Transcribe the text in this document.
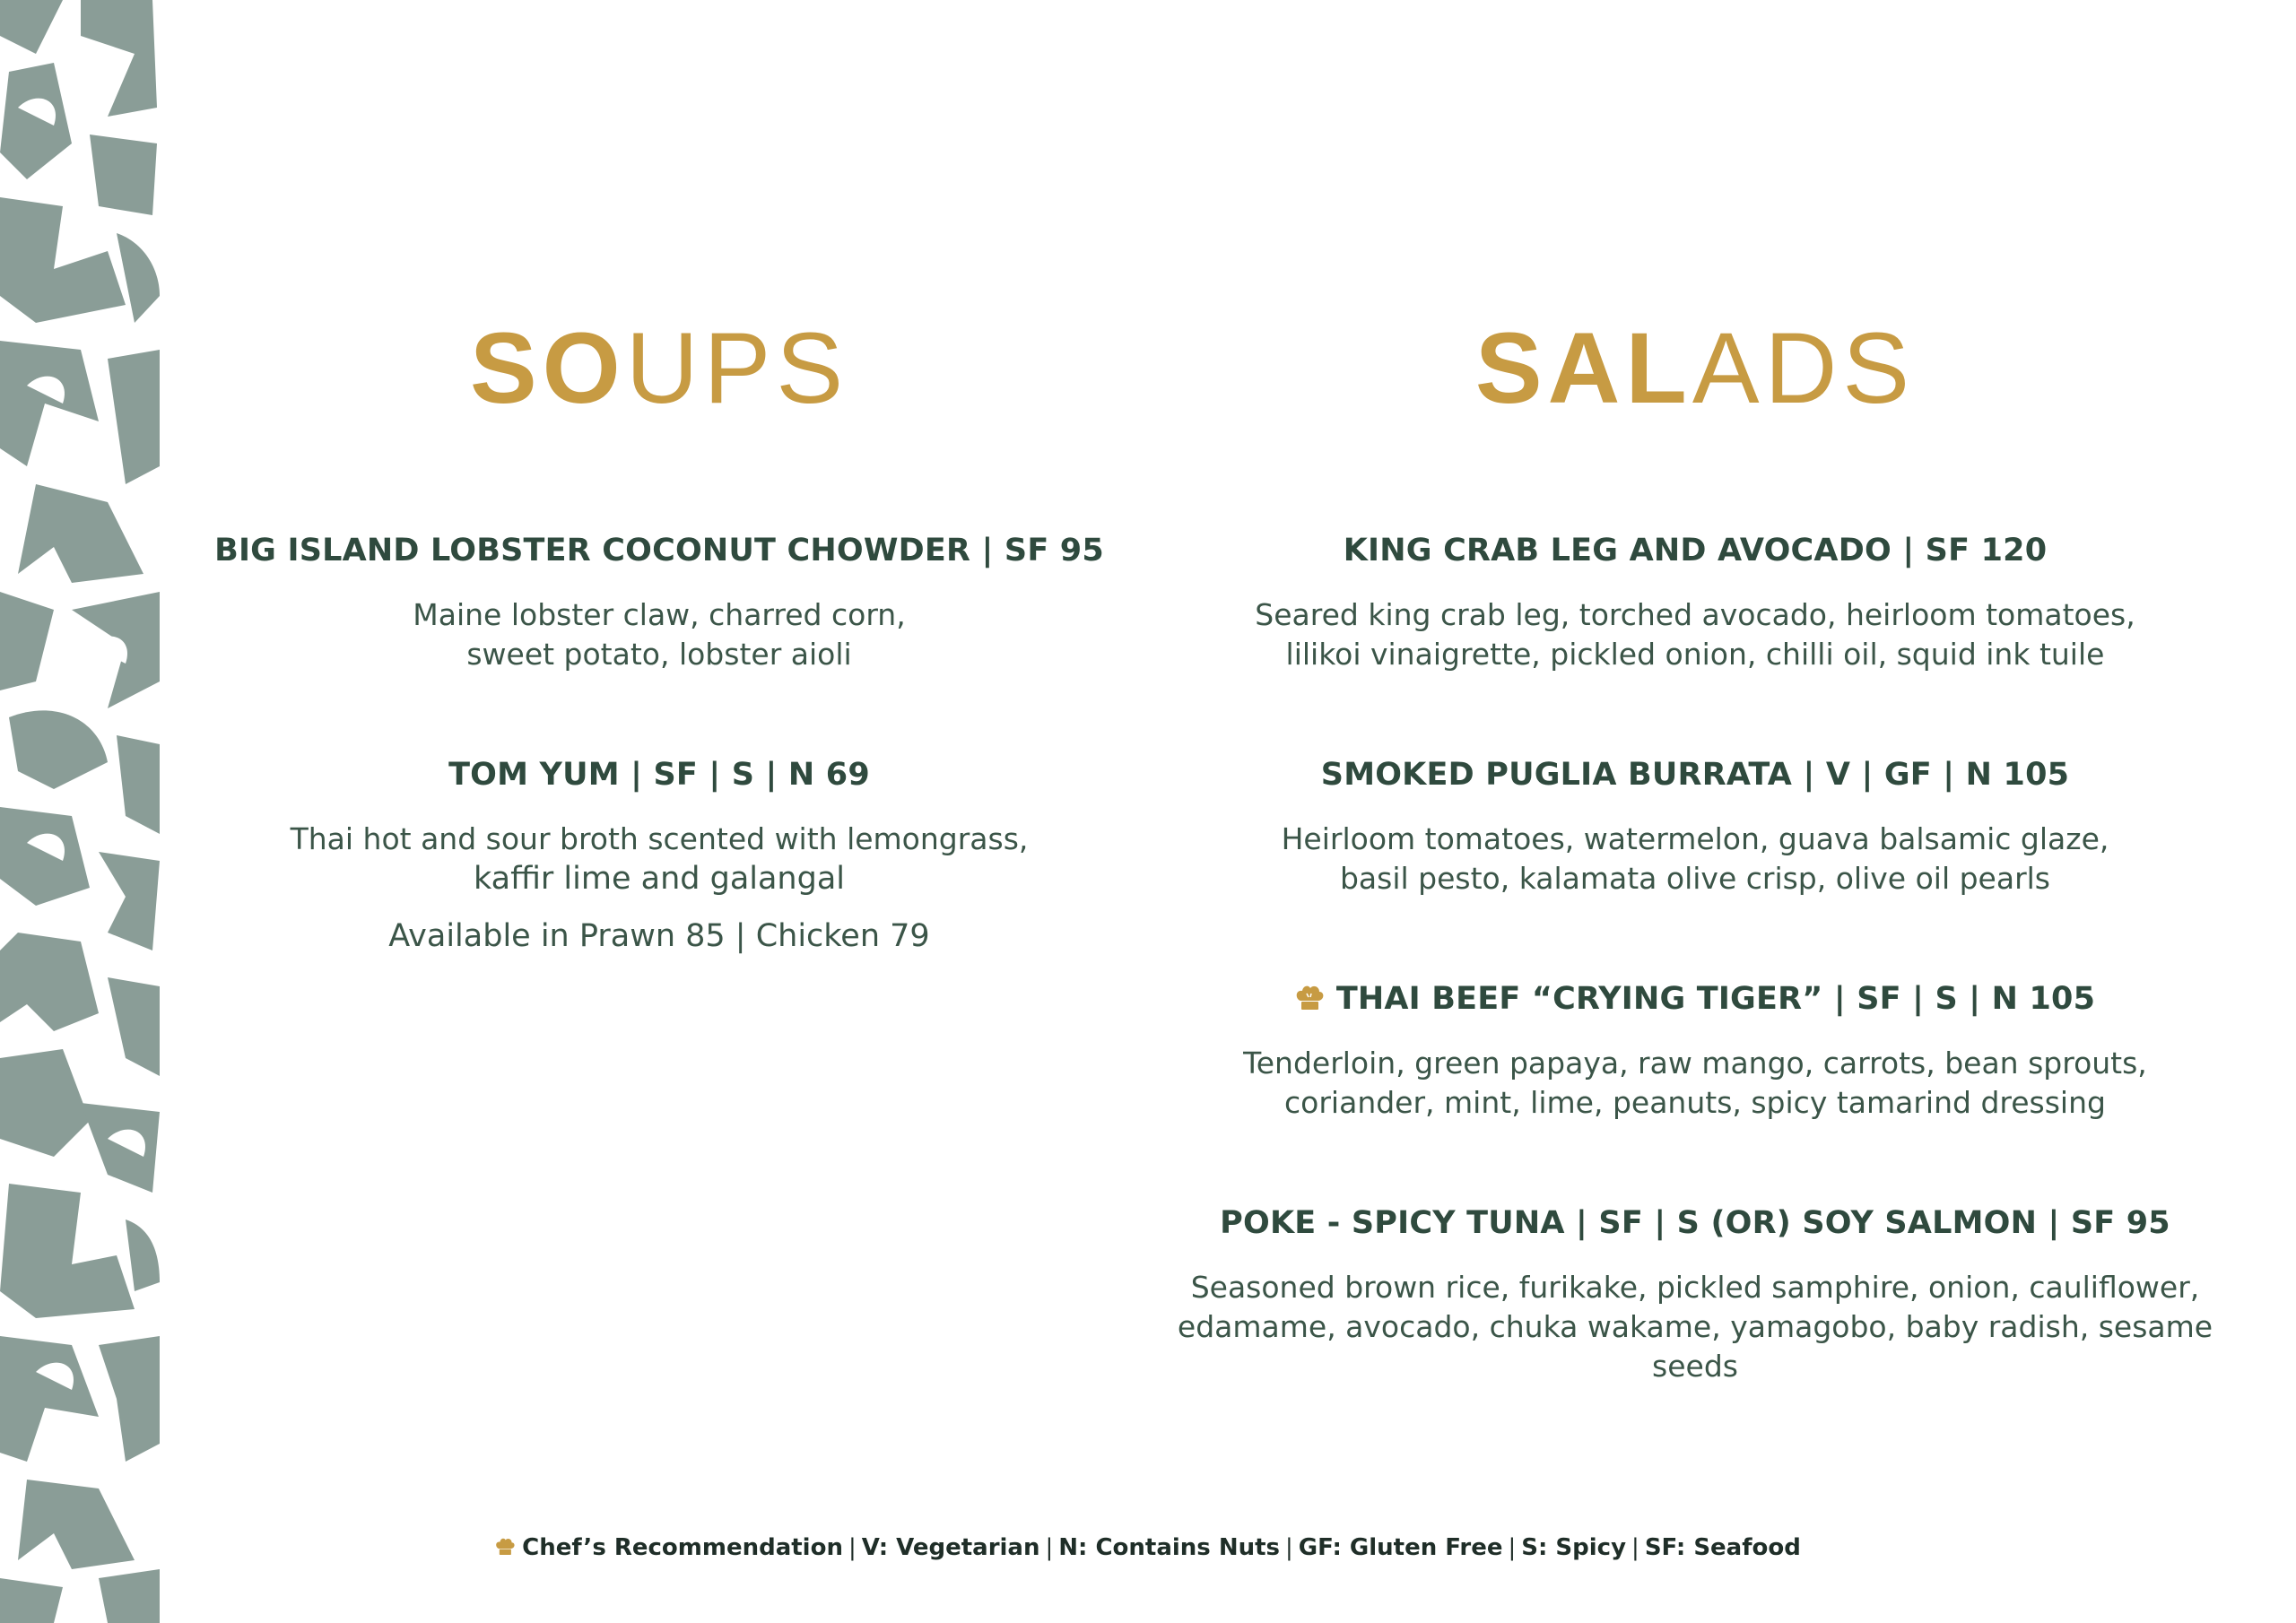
SOUPS

BIG ISLAND LOBSTER COCONUT CHOWDER | SF 95

Maine lobster claw, charred corn,
sweet potato, lobster aioli

TOM YUM | SF | S | N 69

Thai hot and sour broth scented with lemongrass,
kaffir lime and galangal

Available in Prawn 85 | Chicken 79
SALADS

KING CRAB LEG AND AVOCADO | SF 120

Seared king crab leg, torched avocado, heirloom tomatoes,
lilikoi vinaigrette, pickled onion, chilli oil, squid ink tuile

SMOKED PUGLIA BURRATA | V | GF | N 105

Heirloom tomatoes, watermelon, guava balsamic glaze,
basil pesto, kalamata olive crisp, olive oil pearls

THAI BEEF “CRYING TIGER” | SF | S | N 105

Tenderloin, green papaya, raw mango, carrots, bean sprouts,
coriander, mint, lime, peanuts, spicy tamarind dressing

POKE - SPICY TUNA | SF | S (OR) SOY SALMON | SF 95

Seasoned brown rice, furikake, pickled samphire, onion, cauliflower,
edamame, avocado, chuka wakame, yamagobo, baby radish, sesame seeds

Chef’s Recommendation | V: Vegetarian | N: Contains Nuts | GF: Gluten Free | S: Spicy | SF: Seafood
